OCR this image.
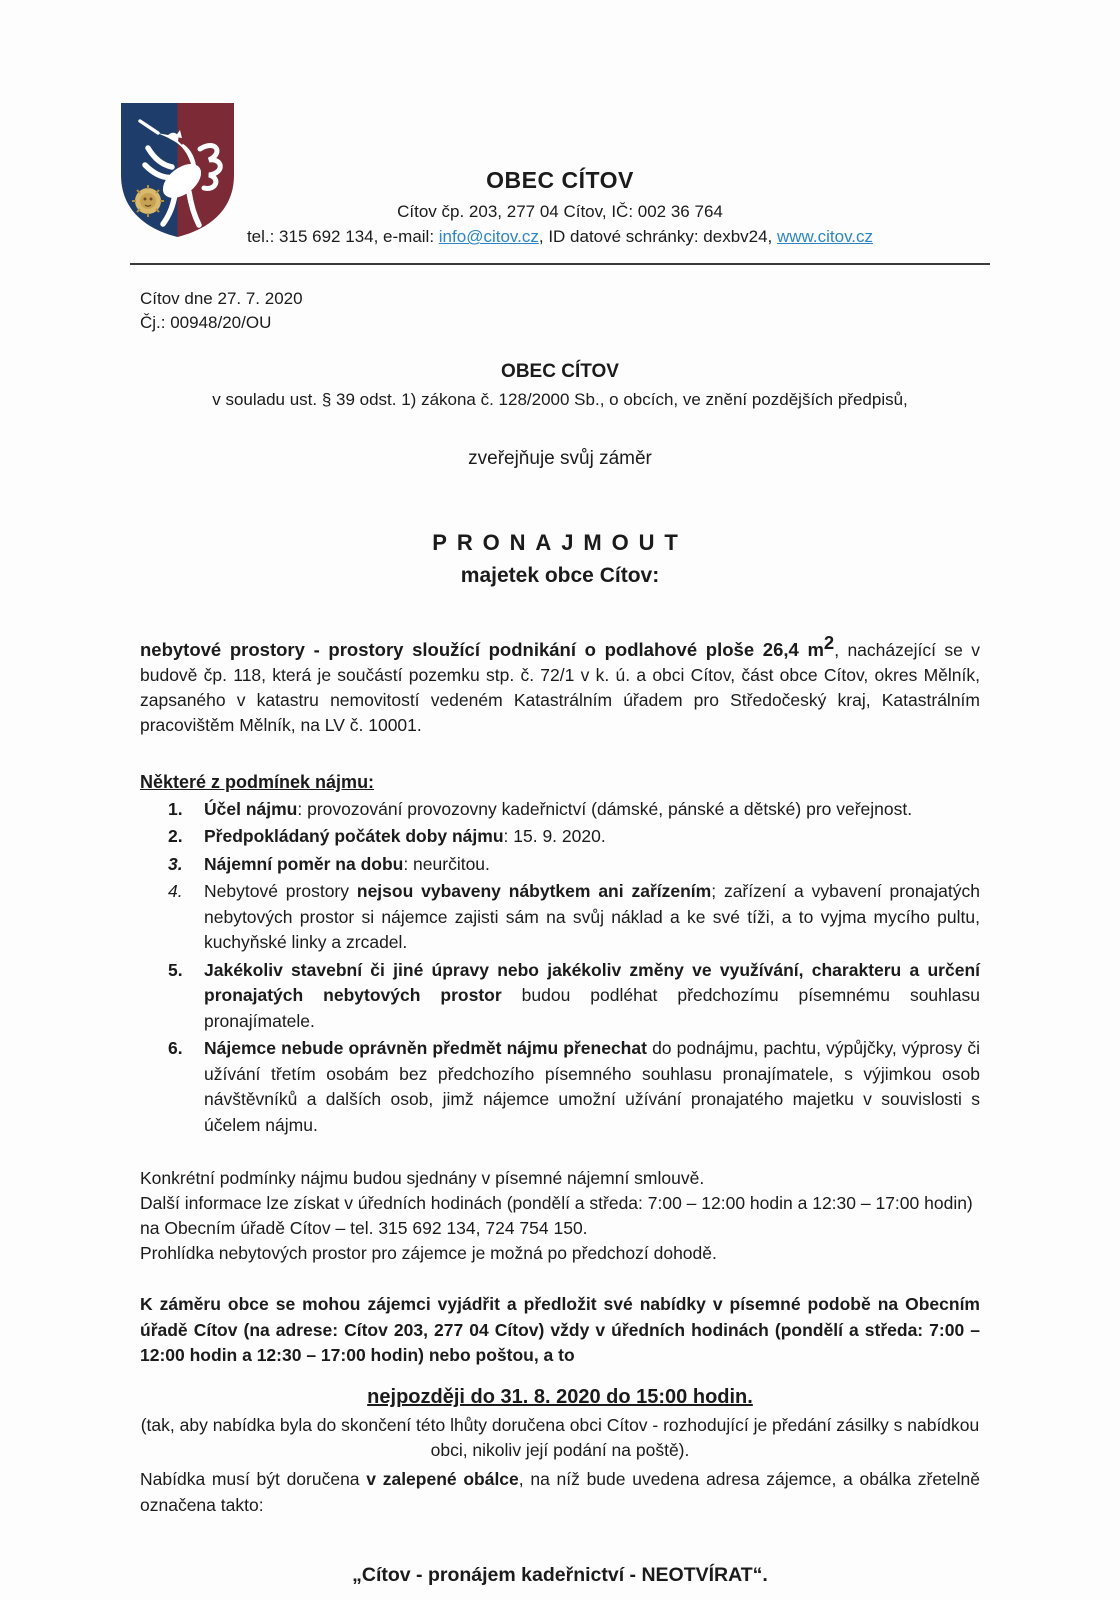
OBEC CÍTOV
Cítov čp. 203, 277 04 Cítov, IČ: 002 36 764
tel.: 315 692 134, e-mail: info@citov.cz, ID datové schránky: dexbv24, www.citov.cz
Cítov dne 27. 7. 2020
Čj.: 00948/20/OU
OBEC CÍTOV
v souladu ust. § 39 odst. 1) zákona č. 128/2000 Sb., o obcích, ve znění pozdějších předpisů,
zveřejňuje svůj záměr
PRONAJMOUT
majetek obce Cítov:

nebytové prostory - prostory sloužící podnikání o podlahové ploše 26,4 $m^2$, nacházející se v budově čp. 118, která je součástí pozemku stp. č. 72/1 v k. ú. a obci Cítov, část obce Cítov, okres Mělník, zapsaného v katastru nemovitostí vedeném Katastrálním úřadem pro Středočeský kraj, Katastrálním pracovištěm Mělník, na LV č. 10001.

Některé z podmínek nájmu:
1.	Účel nájmu: provozování provozovny kadeřnictví (dámské, pánské a dětské) pro veřejnost.
2.	Předpokládaný počátek doby nájmu: 15. 9. 2020.
3.	Nájemní poměr na dobu: neurčitou.
4.	Nebytové prostory nejsou vybaveny nábytkem ani zařízením; zařízení a vybavení pronajatých nebytových prostor si nájemce zajisti sám na svůj náklad a ke své tíži, a to vyjma mycího pultu, kuchyňské linky a zrcadel.
5.	Jakékoliv stavební či jiné úpravy nebo jakékoliv změny ve využívání, charakteru a určení pronajatých nebytových prostor budou podléhat předchozímu písemnému souhlasu pronajímatele.
6.	Nájemce nebude oprávněn předmět nájmu přenechat do podnájmu, pachtu, výpůjčky, výprosy či užívání třetím osobám bez předchozího písemného souhlasu pronajímatele, s výjimkou osob návštěvníků a dalších osob, jimž nájemce umožní užívání pronajatého majetku v souvislosti s účelem nájmu.

Konkrétní podmínky nájmu budou sjednány v písemné nájemní smlouvě.

Další informace lze získat v úředních hodinách (pondělí a středa: 7:00 – 12:00 hodin a 12:30 – 17:00 hodin) na Obecním úřadě Cítov – tel. 315 692 134, 724 754 150.

Prohlídka nebytových prostor pro zájemce je možná po předchozí dohodě.

K záměru obce se mohou zájemci vyjádřit a předložit své nabídky v písemné podobě na Obecním úřadě Cítov (na adrese: Cítov 203, 277 04 Cítov) vždy v úředních hodinách (pondělí a středa: 7:00 – 12:00 hodin a 12:30 – 17:00 hodin) nebo poštou, a to

nejpozději do 31. 8. 2020 do 15:00 hodin.
(tak, aby nabídka byla do skončení této lhůty doručena obci Cítov - rozhodující je předání zásilky s nabídkou obci, nikoliv její podání na poště).

Nabídka musí být doručena v zalepené obálce, na níž bude uvedena adresa zájemce, a obálka zřetelně označena takto:

„Cítov - pronájem kadeřnictví - NEOTVÍRAT“.
